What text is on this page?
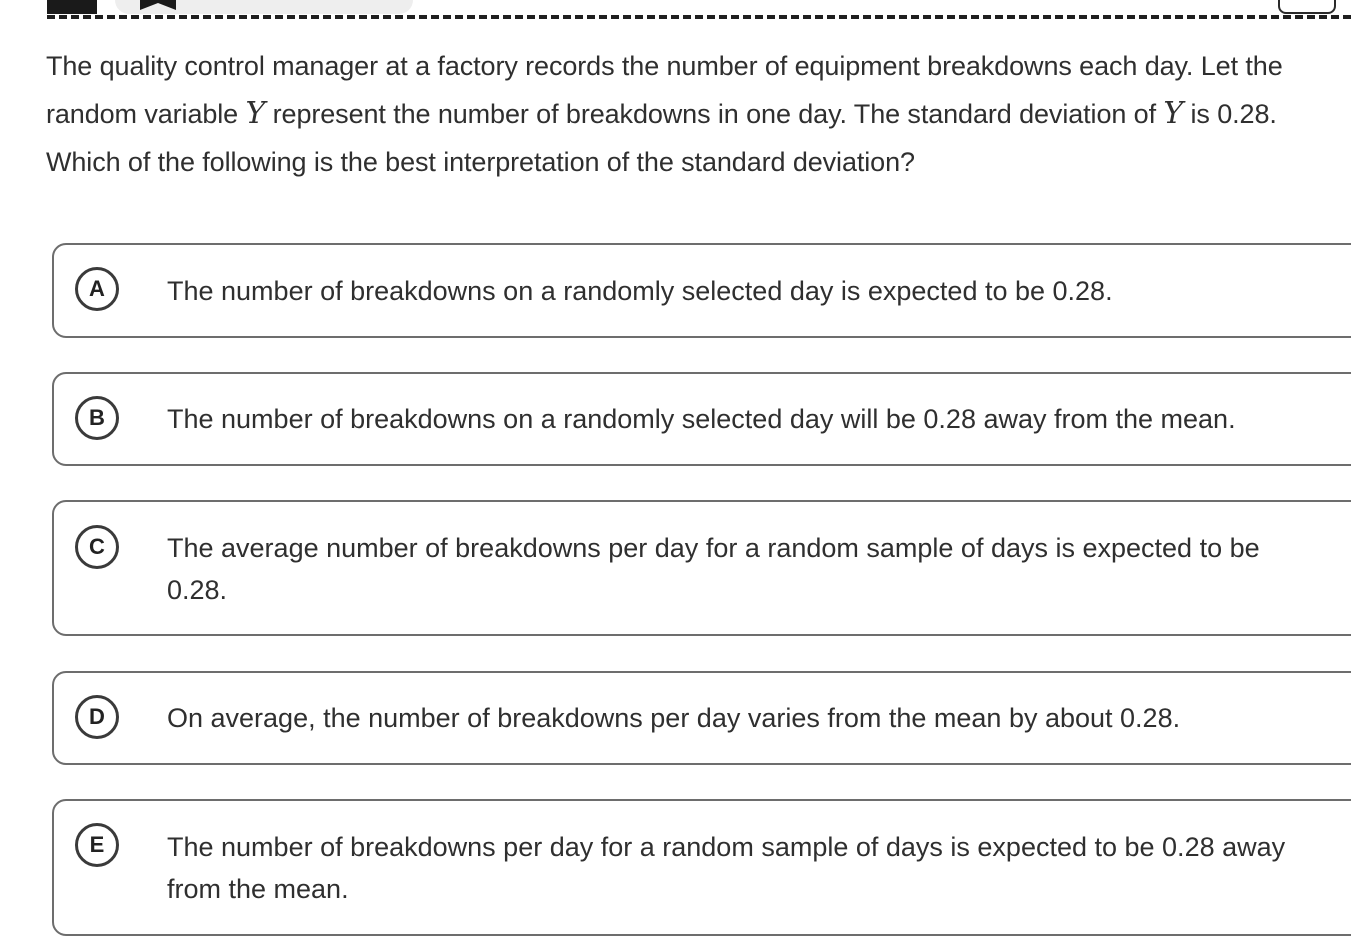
The quality control manager at a factory records the number of equipment breakdowns each day. Let the
random variable Y represent the number of breakdowns in one day. The standard deviation of Y is 0.28.
Which of the following is the best interpretation of the standard deviation?
A	The number of breakdowns on a randomly selected day is expected to be 0.28.
B	The number of breakdowns on a randomly selected day will be 0.28 away from the mean.
C	The average number of breakdowns per day for a random sample of days is expected to be 0.28.
D	On average, the number of breakdowns per day varies from the mean by about 0.28.
E	The number of breakdowns per day for a random sample of days is expected to be 0.28 away from the mean.
